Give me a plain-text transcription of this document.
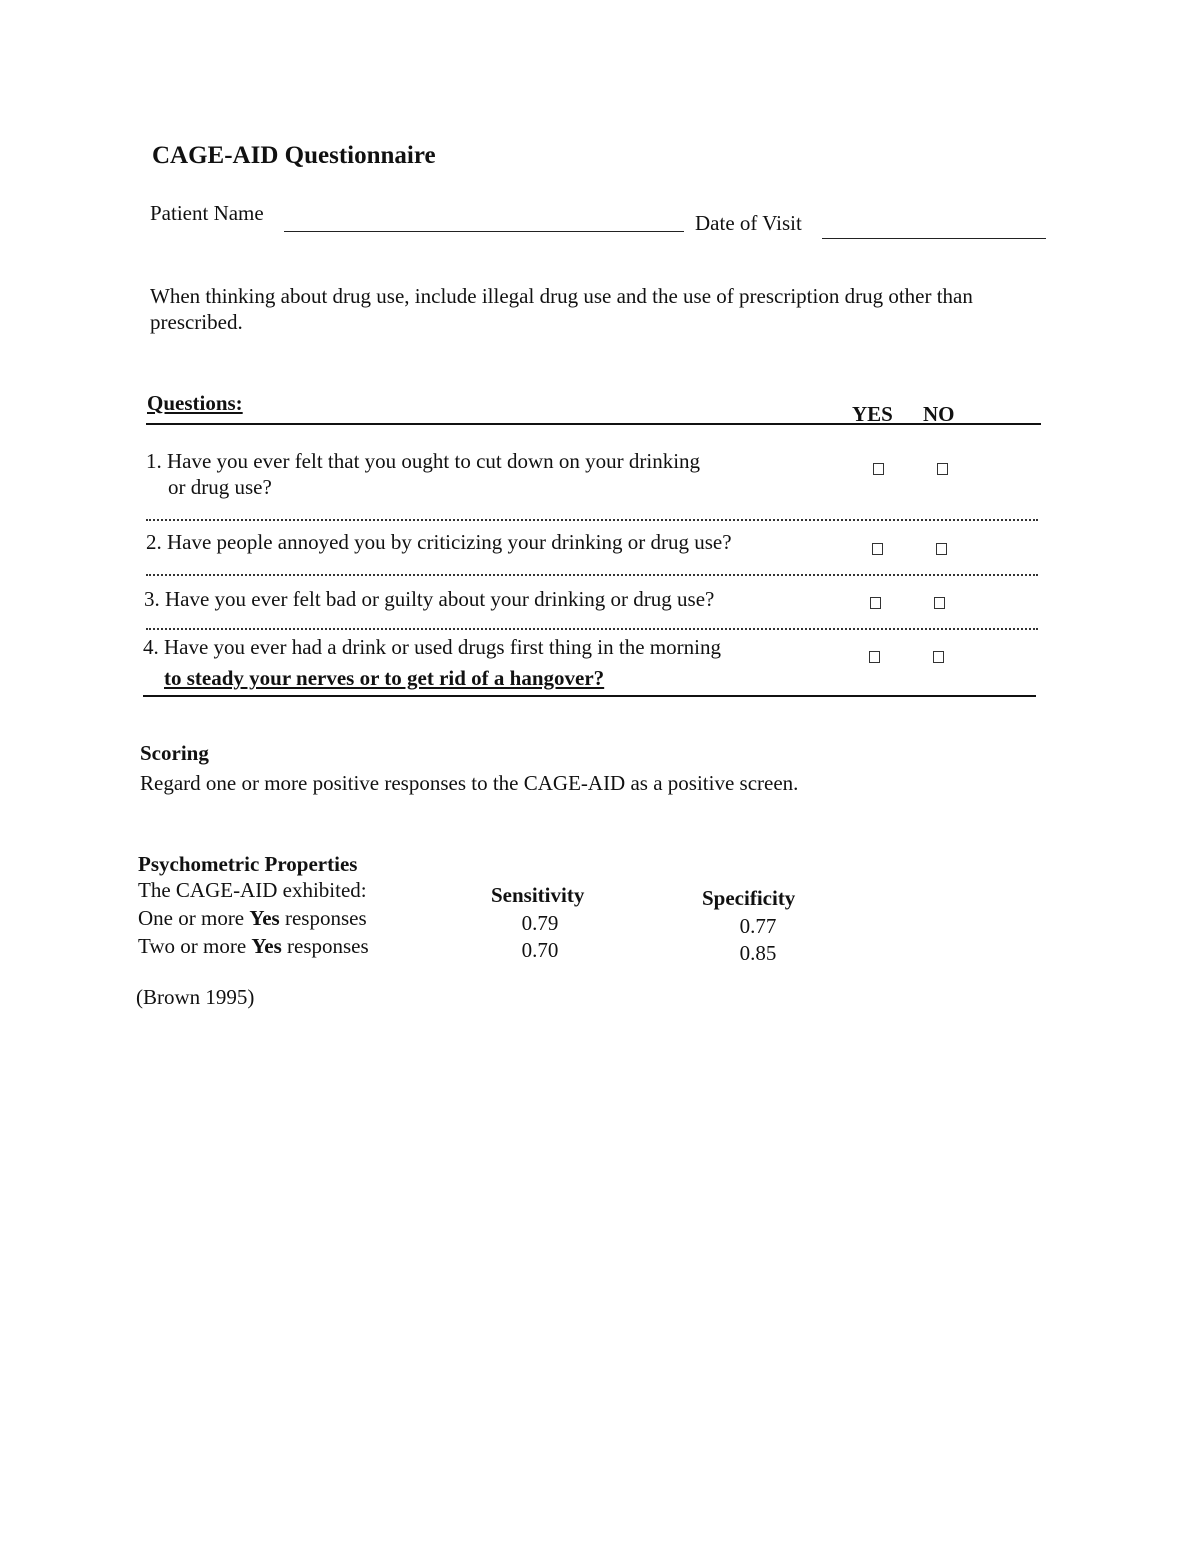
CAGE-AID Questionnaire
Patient Name	Date of Visit
When thinking about drug use, include illegal drug use and the use of prescription drug other than prescribed.
Questions:	YES NO
1. Have you ever felt that you ought to cut down on your drinking
or drug use?
2. Have people annoyed you by criticizing your drinking or drug use?
3. Have you ever felt bad or guilty about your drinking or drug use?
4. Have you ever had a drink or used drugs first thing in the morning
to steady your nerves or to get rid of a hangover?
Scoring
Regard one or more positive responses to the CAGE-AID as a positive screen.
Psychometric Properties
The CAGE-AID exhibited:
One or more Yes responses
Two or more Yes responses
Sensitivity
0.79
0.70
Specificity
0.77
0.85
(Brown 1995)
